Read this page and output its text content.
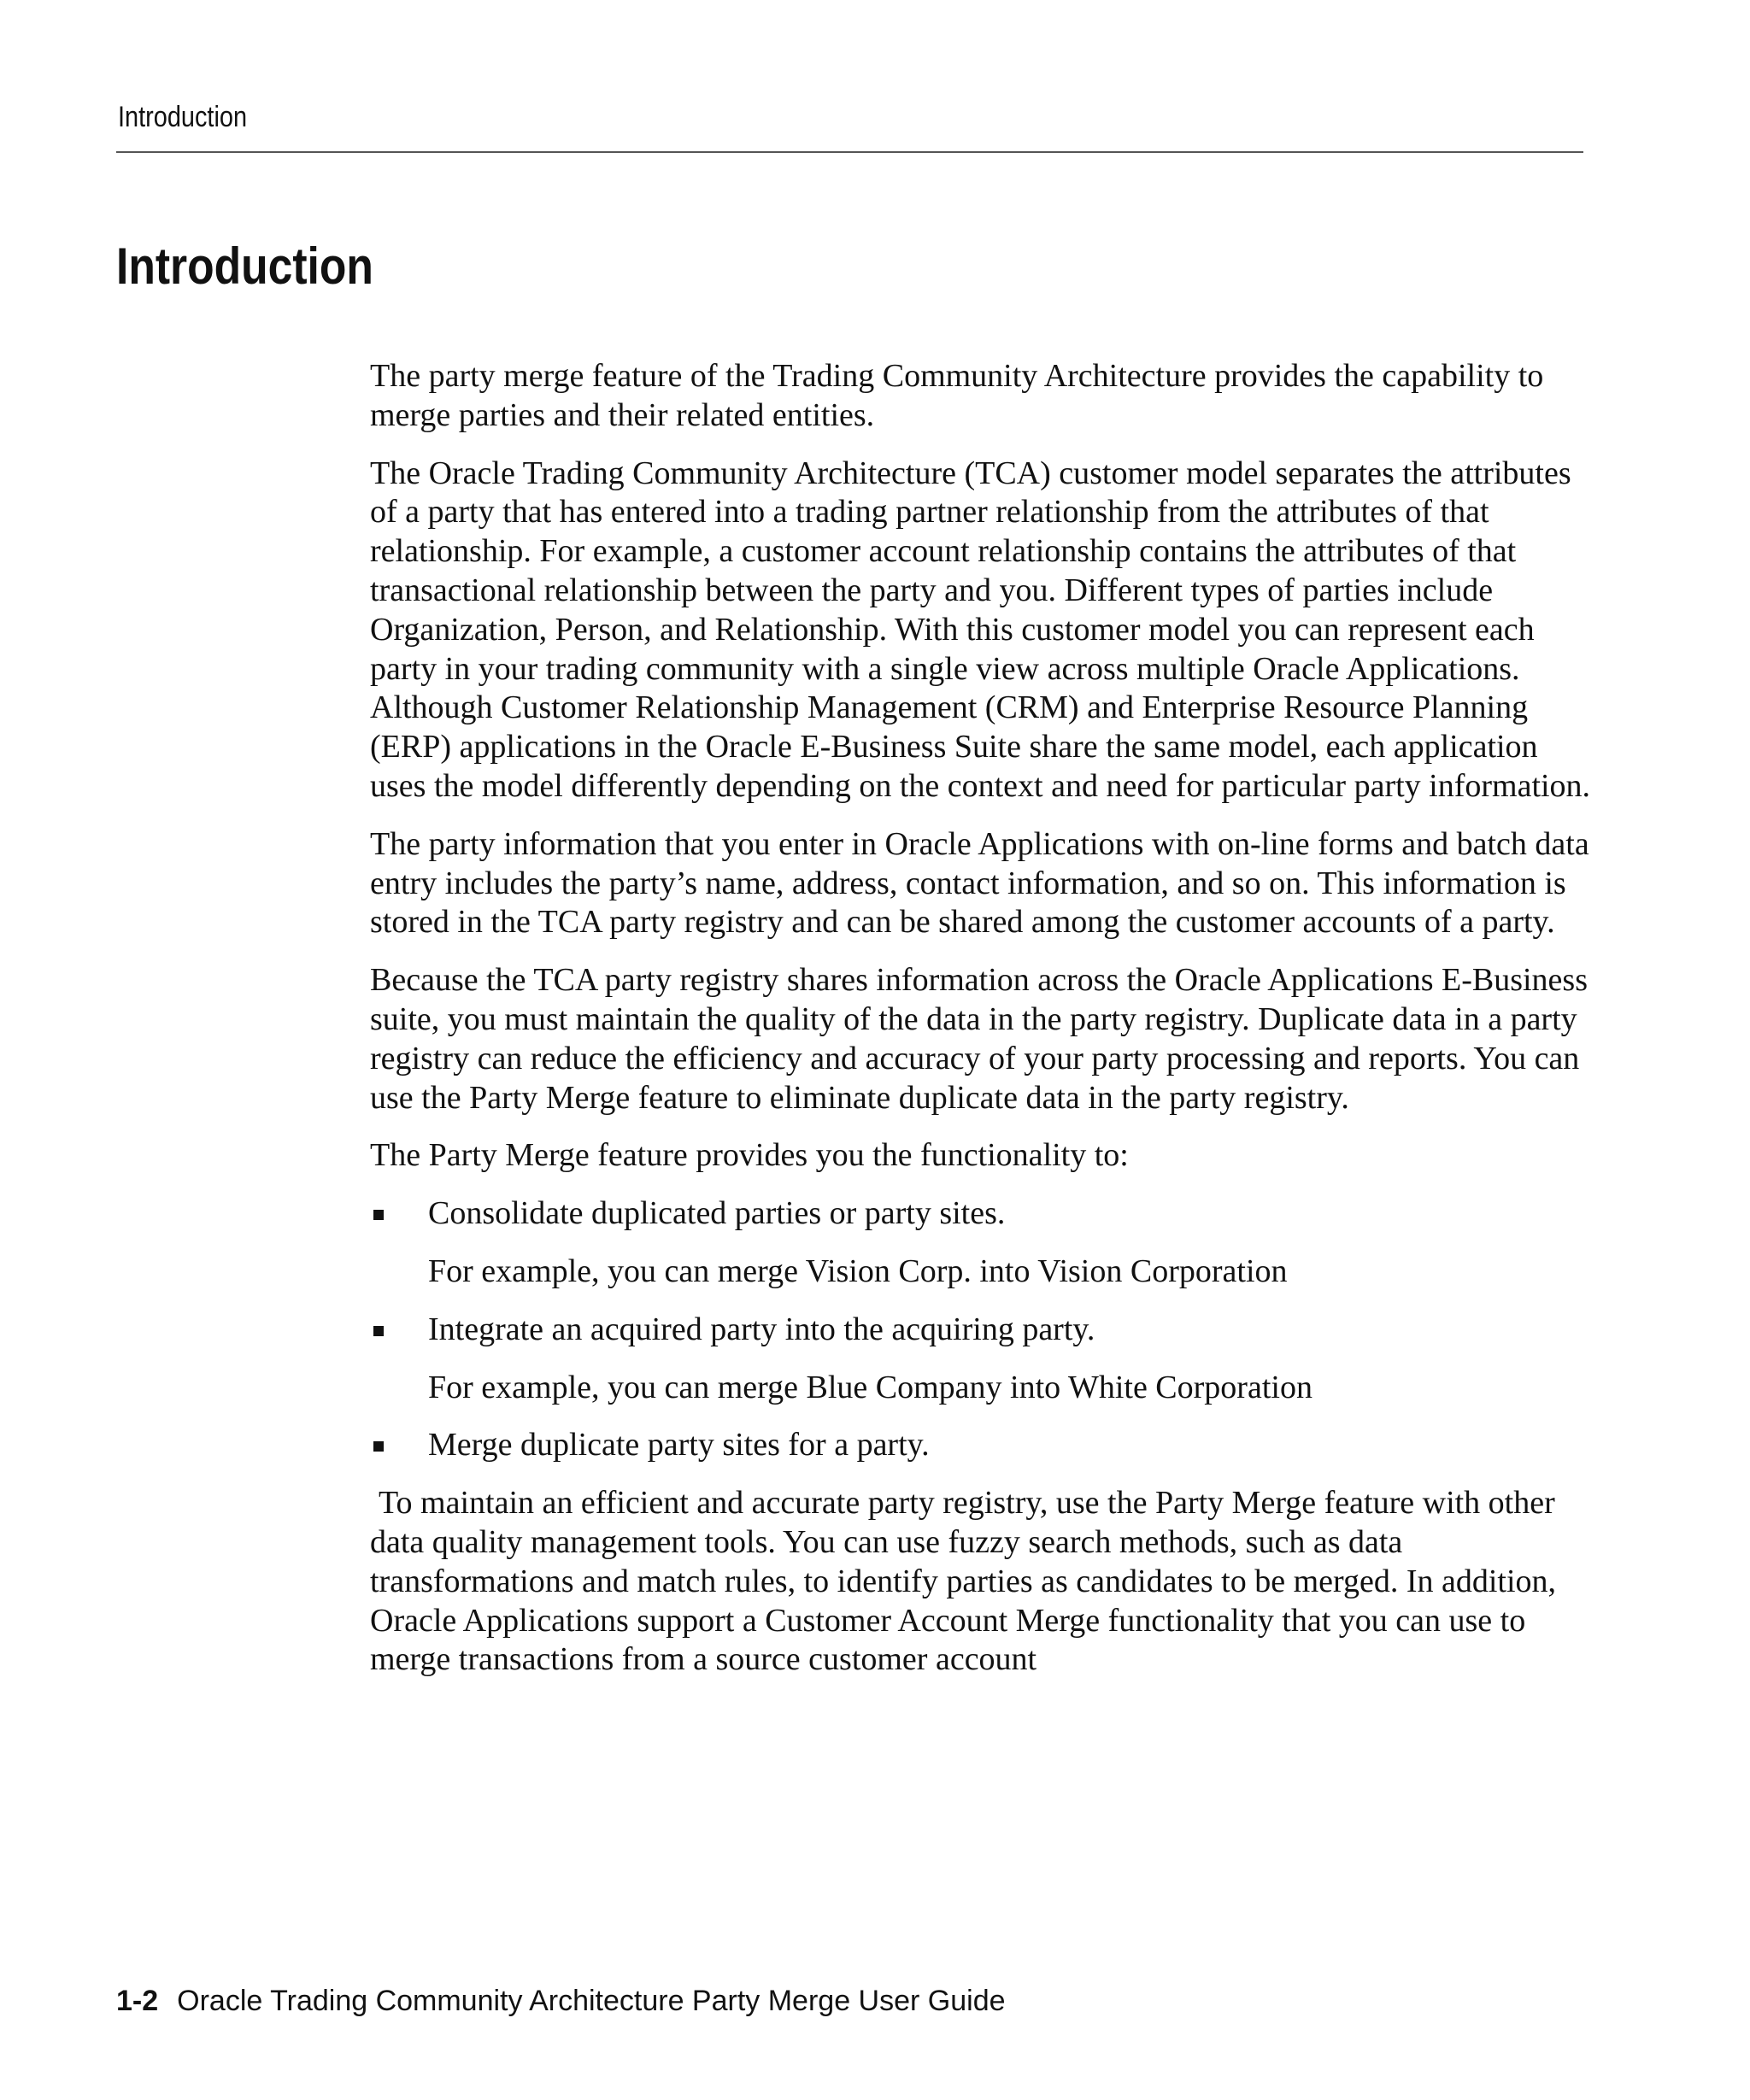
Introduction
Introduction

The party merge feature of the Trading Community Architecture provides the capability to merge parties and their related entities.

The Oracle Trading Community Architecture (TCA) customer model separates the attributes of a party that has entered into a trading partner relationship from the attributes of that relationship. For example, a customer account relationship contains the attributes of that transactional relationship between the party and you. Different types of parties include Organization, Person, and Relationship. With this customer model you can represent each party in your trading community with a single view across multiple Oracle Applications. Although Customer Relationship Management (CRM) and Enterprise Resource Planning (ERP) applications in the Oracle E-Business Suite share the same model, each application uses the model differently depending on the context and need for particular party information.

The party information that you enter in Oracle Applications with on-line forms and batch data entry includes the party’s name, address, contact information, and so on. This information is stored in the TCA party registry and can be shared among the customer accounts of a party.

Because the TCA party registry shares information across the Oracle Applications E-Business suite, you must maintain the quality of the data in the party registry. Duplicate data in a party registry can reduce the efficiency and accuracy of your party processing and reports. You can use the Party Merge feature to eliminate duplicate data in the party registry.

The Party Merge feature provides you the functionality to:

Consolidate duplicated parties or party sites.
For example, you can merge Vision Corp. into Vision Corporation
Integrate an acquired party into the acquiring party.
For example, you can merge Blue Company into White Corporation
Merge duplicate party sites for a party.

To maintain an efficient and accurate party registry, use the Party Merge feature with other data quality management tools. You can use fuzzy search methods, such as data transformations and match rules, to identify parties as candidates to be merged. In addition, Oracle Applications support a Customer Account Merge functionality that you can use to merge transactions from a source customer account

1-2 Oracle Trading Community Architecture Party Merge User Guide
